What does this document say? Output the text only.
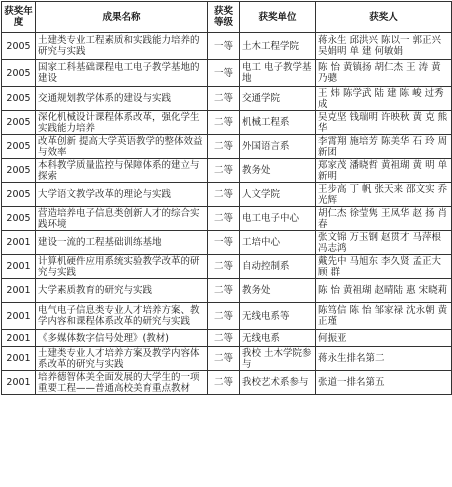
获奖年度	成果名称	获奖等级	获奖单位	获奖人
2005	土建类专业工程素质和实践能力培养的研究与实践	一等	土木工程学院	蒋永生 邱洪兴 陈以一 郭正兴 吴娟明 单 建 何敏娟
2005	国家工科基础课程电工电子教学基地的建设	一等	电工 电子教学基地	陈 怡 黄镇扬 胡仁杰 王 涛 黄乃骢
2005	交通规划教学体系的建设与实践	二等	交通学院	王 炜 陈学武 陆 建 陈 峻 过秀成
2005	深化机械设计课程体系改革，强化学生实践能力培养	二等	机械工程系	吴克坚 钱瑞明 许映秋 黄 克 熊 华
2005	改革创新 提高大学英语教学的整体效益与效率	二等	外国语言系	李霄翔 施培芳 陈美华 石 玲 周新团
2005	本科教学质量监控与保障体系的建立与探索	二等	教务处	郑家茂 潘晓哲 黄祖瑚 黄 明 单新明
2005	大学语文教学改革的理论与实践	二等	人文学院	王步高 丁 帆 张天来 邵文实 乔光辉
2005	营造培养电子信息类创新人才的综合实践环境	二等	电工电子中心	胡仁杰 徐莹隽 王凤华 赵 扬 肖 春
2001	建设一流的工程基础训练基地	一等	工培中心	张文锦 万玉钢 赵贯才 马萍根 冯志鸿
2001	计算机硬件应用系统实验教学改革的研究与实践	二等	自动控制系	戴先中 马旭东 李久贤 孟正大 顾 群
2001	大学素质教育的研究与实践	二等	教务处	陈 怡 黄祖瑚 赵晴陆 惠 宋晓莉
2001	电气电子信息类专业人才培养方案、教学内容和课程体系改革的研究与实践	二等	无线电系等	陈笃信 陈 怡 邹家禄 沈永朝 黄正瑾
2001	《多媒体数字信号处理》(教材)	二等	无线电系	何振亚
2001	土建类专业人才培养方案及教学内容体系改革的研究与实践	二等	我校 土木学院参与	蒋永生排名第二
2001	培养德智体美全面发展的大学生的一项重要工程——普通高校美育重点教材	二等	我校艺术系参与	张道一排名第五
